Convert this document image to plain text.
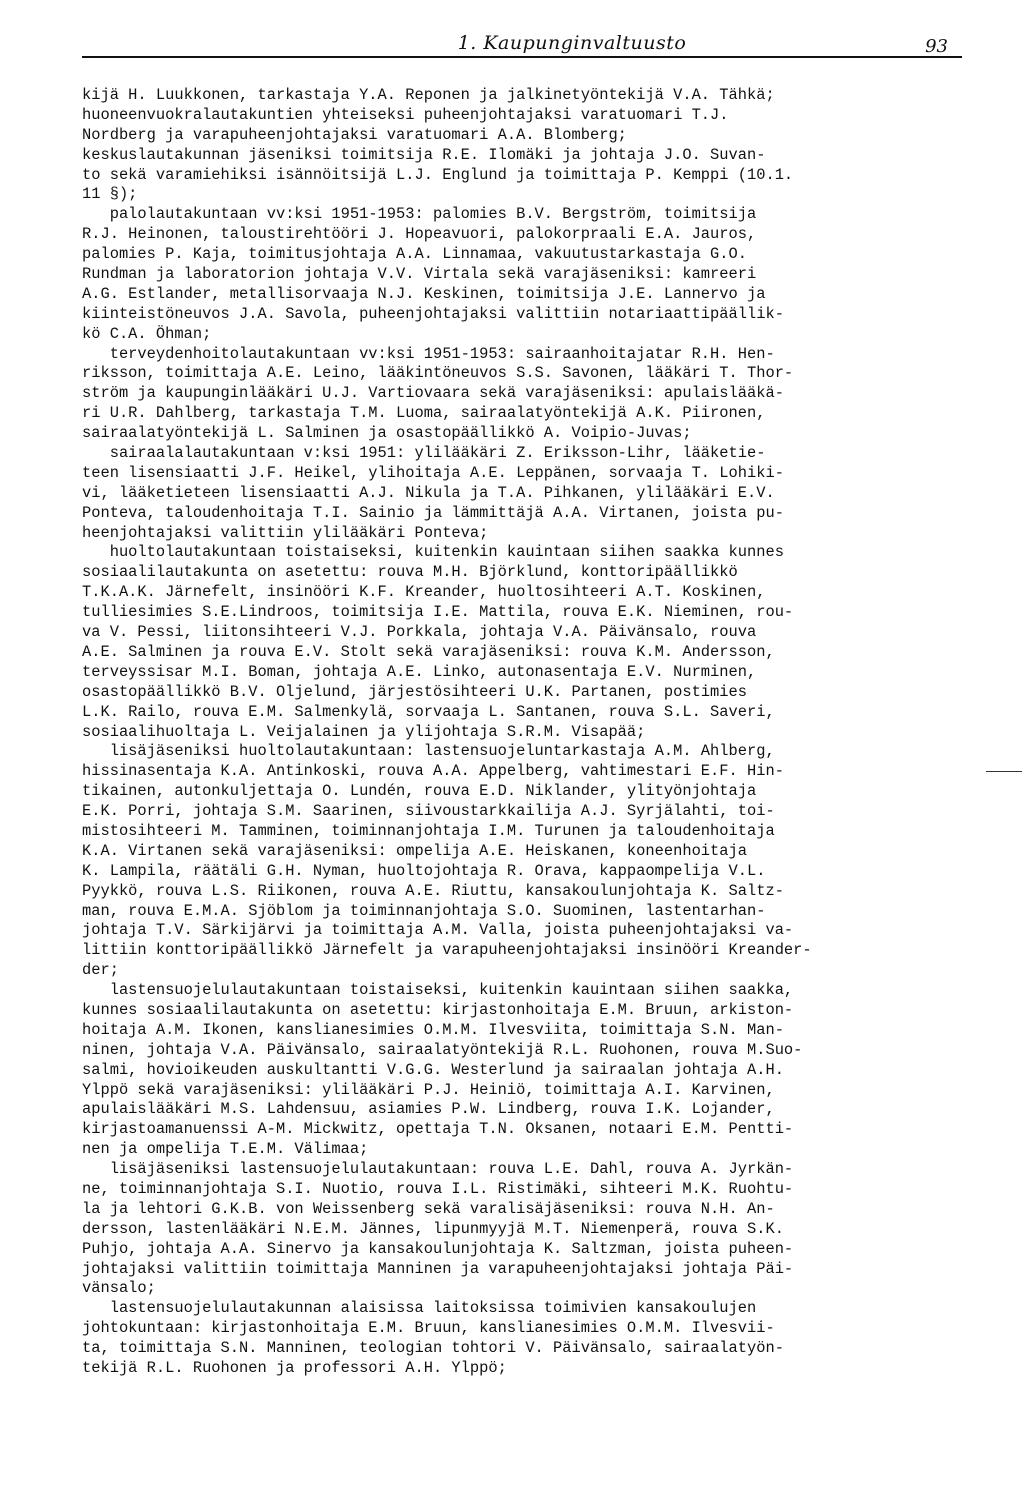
1. Kaupunginvaltuusto	93
kijä H. Luukkonen, tarkastaja Y.A. Reponen ja jalkinetyöntekijä V.A. Tähkä;
huoneenvuokralautakuntien yhteiseksi puheenjohtajaksi varatuomari T.J.
Nordberg ja varapuheenjohtajaksi varatuomari A.A. Blomberg;
keskuslautakunnan jäseniksi toimitsija R.E. Ilomäki ja johtaja J.O. Suvan-
to sekä varamiehiksi isännöitsijä L.J. Englund ja toimittaja P. Kemppi (10.1.
11 §);
palolautakuntaan vv:ksi 1951-1953: palomies B.V. Bergström, toimitsija
R.J. Heinonen, taloustirehtööri J. Hopeavuori, palokorpraali E.A. Jauros,
palomies P. Kaja, toimitusjohtaja A.A. Linnamaa, vakuutustarkastaja G.O.
Rundman ja laboratorion johtaja V.V. Virtala sekä varajäseniksi: kamreeri
A.G. Estlander, metallisorvaaja N.J. Keskinen, toimitsija J.E. Lannervo ja
kiinteistöneuvos J.A. Savola, puheenjohtajaksi valittiin notariaattipäällik-
kö C.A. Öhman;
terveydenhoitolautakuntaan vv:ksi 1951-1953: sairaanhoitajatar R.H. Hen-
riksson, toimittaja A.E. Leino, lääkintöneuvos S.S. Savonen, lääkäri T. Thor-
ström ja kaupunginlääkäri U.J. Vartiovaara sekä varajäseniksi: apulaislääkä-
ri U.R. Dahlberg, tarkastaja T.M. Luoma, sairaalatyöntekijä A.K. Piironen,
sairaalatyöntekijä L. Salminen ja osastopäällikkö A. Voipio-Juvas;
sairaalalautakuntaan v:ksi 1951: ylilääkäri Z. Eriksson-Lihr, lääketie-
teen lisensiaatti J.F. Heikel, ylihoitaja A.E. Leppänen, sorvaaja T. Lohiki-
vi, lääketieteen lisensiaatti A.J. Nikula ja T.A. Pihkanen, ylilääkäri E.V.
Ponteva, taloudenhoitaja T.I. Sainio ja lämmittäjä A.A. Virtanen, joista pu-
heenjohtajaksi valittiin ylilääkäri Ponteva;
huoltolautakuntaan toistaiseksi, kuitenkin kauintaan siihen saakka kunnes
sosiaalilautakunta on asetettu: rouva M.H. Björklund, konttoripäällikkö
T.K.A.K. Järnefelt, insinööri K.F. Kreander, huoltosihteeri A.T. Koskinen,
tulliesimies S.E.Lindroos, toimitsija I.E. Mattila, rouva E.K. Nieminen, rou-
va V. Pessi, liitonsihteeri V.J. Porkkala, johtaja V.A. Päivänsalo, rouva
A.E. Salminen ja rouva E.V. Stolt sekä varajäseniksi: rouva K.M. Andersson,
terveyssisar M.I. Boman, johtaja A.E. Linko, autonasentaja E.V. Nurminen,
osastopäällikkö B.V. Oljelund, järjestösihteeri U.K. Partanen, postimies
L.K. Railo, rouva E.M. Salmenkylä, sorvaaja L. Santanen, rouva S.L. Saveri,
sosiaalihuoltaja L. Veijalainen ja ylijohtaja S.R.M. Visapää;
lisäjäseniksi huoltolautakuntaan: lastensuojeluntarkastaja A.M. Ahlberg,
hissinasentaja K.A. Antinkoski, rouva A.A. Appelberg, vahtimestari E.F. Hin-
tikainen, autonkuljettaja O. Lundén, rouva E.D. Niklander, ylityönjohtaja
E.K. Porri, johtaja S.M. Saarinen, siivoustarkkailija A.J. Syrjälahti, toi-
mistosihteeri M. Tamminen, toiminnanjohtaja I.M. Turunen ja taloudenhoitaja
K.A. Virtanen sekä varajäseniksi: ompelija A.E. Heiskanen, koneenhoitaja
K. Lampila, räätäli G.H. Nyman, huoltojohtaja R. Orava, kappaompelija V.L.
Pyykkö, rouva L.S. Riikonen, rouva A.E. Riuttu, kansakoulunjohtaja K. Saltz-
man, rouva E.M.A. Sjöblom ja toiminnanjohtaja S.O. Suominen, lastentarhan-
johtaja T.V. Särkijärvi ja toimittaja A.M. Valla, joista puheenjohtajaksi va-
littiin konttoripäällikkö Järnefelt ja varapuheenjohtajaksi insinööri Kreander-
der;
lastensuojelulautakuntaan toistaiseksi, kuitenkin kauintaan siihen saakka,
kunnes sosiaalilautakunta on asetettu: kirjastonhoitaja E.M. Bruun, arkiston-
hoitaja A.M. Ikonen, kanslianesimies O.M.M. Ilvesviita, toimittaja S.N. Man-
ninen, johtaja V.A. Päivänsalo, sairaalatyöntekijä R.L. Ruohonen, rouva M.Suo-
salmi, hovioikeuden auskultantti V.G.G. Westerlund ja sairaalan johtaja A.H.
Ylppö sekä varajäseniksi: ylilääkäri P.J. Heiniö, toimittaja A.I. Karvinen,
apulaislääkäri M.S. Lahdensuu, asiamies P.W. Lindberg, rouva I.K. Lojander,
kirjastoamanuenssi A-M. Mickwitz, opettaja T.N. Oksanen, notaari E.M. Pentti-
nen ja ompelija T.E.M. Välimaa;
lisäjäseniksi lastensuojelulautakuntaan: rouva L.E. Dahl, rouva A. Jyrkän-
ne, toiminnanjohtaja S.I. Nuotio, rouva I.L. Ristimäki, sihteeri M.K. Ruohtu-
la ja lehtori G.K.B. von Weissenberg sekä varalisäjäseniksi: rouva N.H. An-
dersson, lastenlääkäri N.E.M. Jännes, lipunmyyjä M.T. Niemenperä, rouva S.K.
Puhjo, johtaja A.A. Sinervo ja kansakoulunjohtaja K. Saltzman, joista puheen-
johtajaksi valittiin toimittaja Manninen ja varapuheenjohtajaksi johtaja Päi-
vänsalo;
lastensuojelulautakunnan alaisissa laitoksissa toimivien kansakoulujen
johtokuntaan: kirjastonhoitaja E.M. Bruun, kanslianesimies O.M.M. Ilvesvii-
ta, toimittaja S.N. Manninen, teologian tohtori V. Päivänsalo, sairaalatyön-
tekijä R.L. Ruohonen ja professori A.H. Ylppö;
